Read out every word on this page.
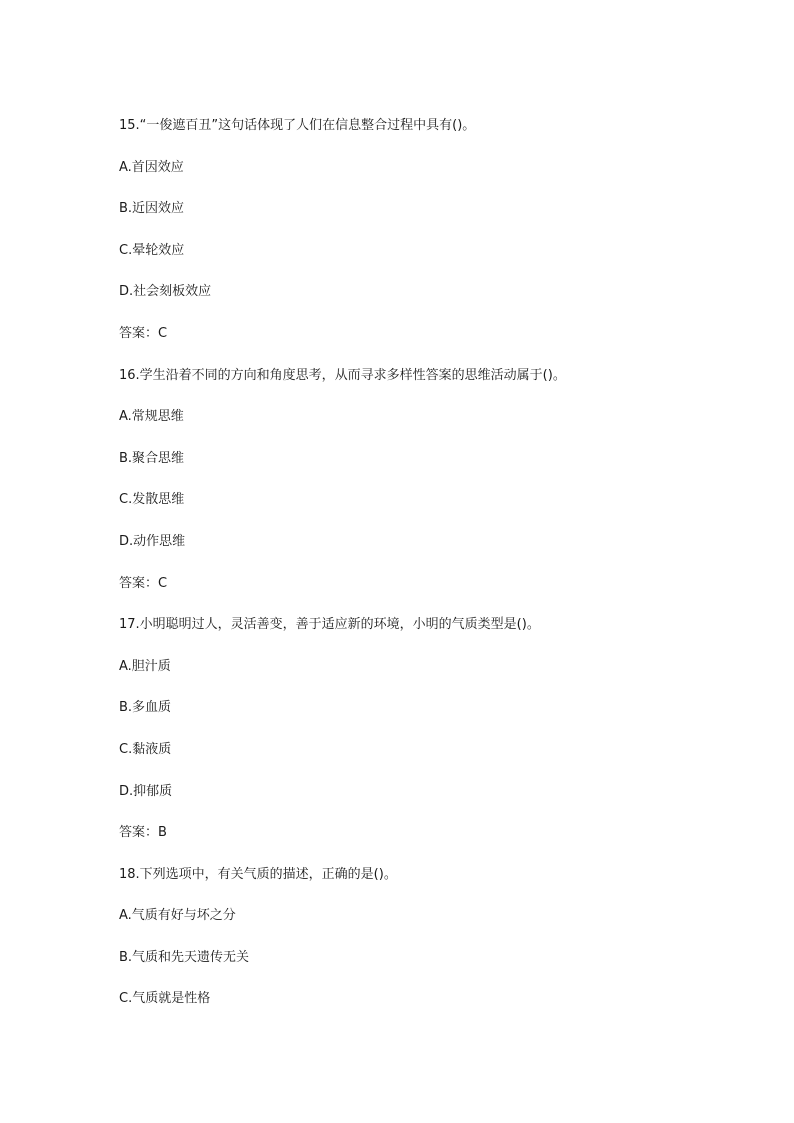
15.“一俊遮百丑”这句话体现了人们在信息整合过程中具有()。
A.首因效应
B.近因效应
C.晕轮效应
D.社会刻板效应
答案：C
16.学生沿着不同的方向和角度思考，从而寻求多样性答案的思维活动属于()。
A.常规思维
B.聚合思维
C.发散思维
D.动作思维
答案：C
17.小明聪明过人，灵活善变，善于适应新的环境，小明的气质类型是()。
A.胆汁质
B.多血质
C.黏液质
D.抑郁质
答案：B
18.下列选项中，有关气质的描述，正确的是()。
A.气质有好与坏之分
B.气质和先天遗传无关
C.气质就是性格
